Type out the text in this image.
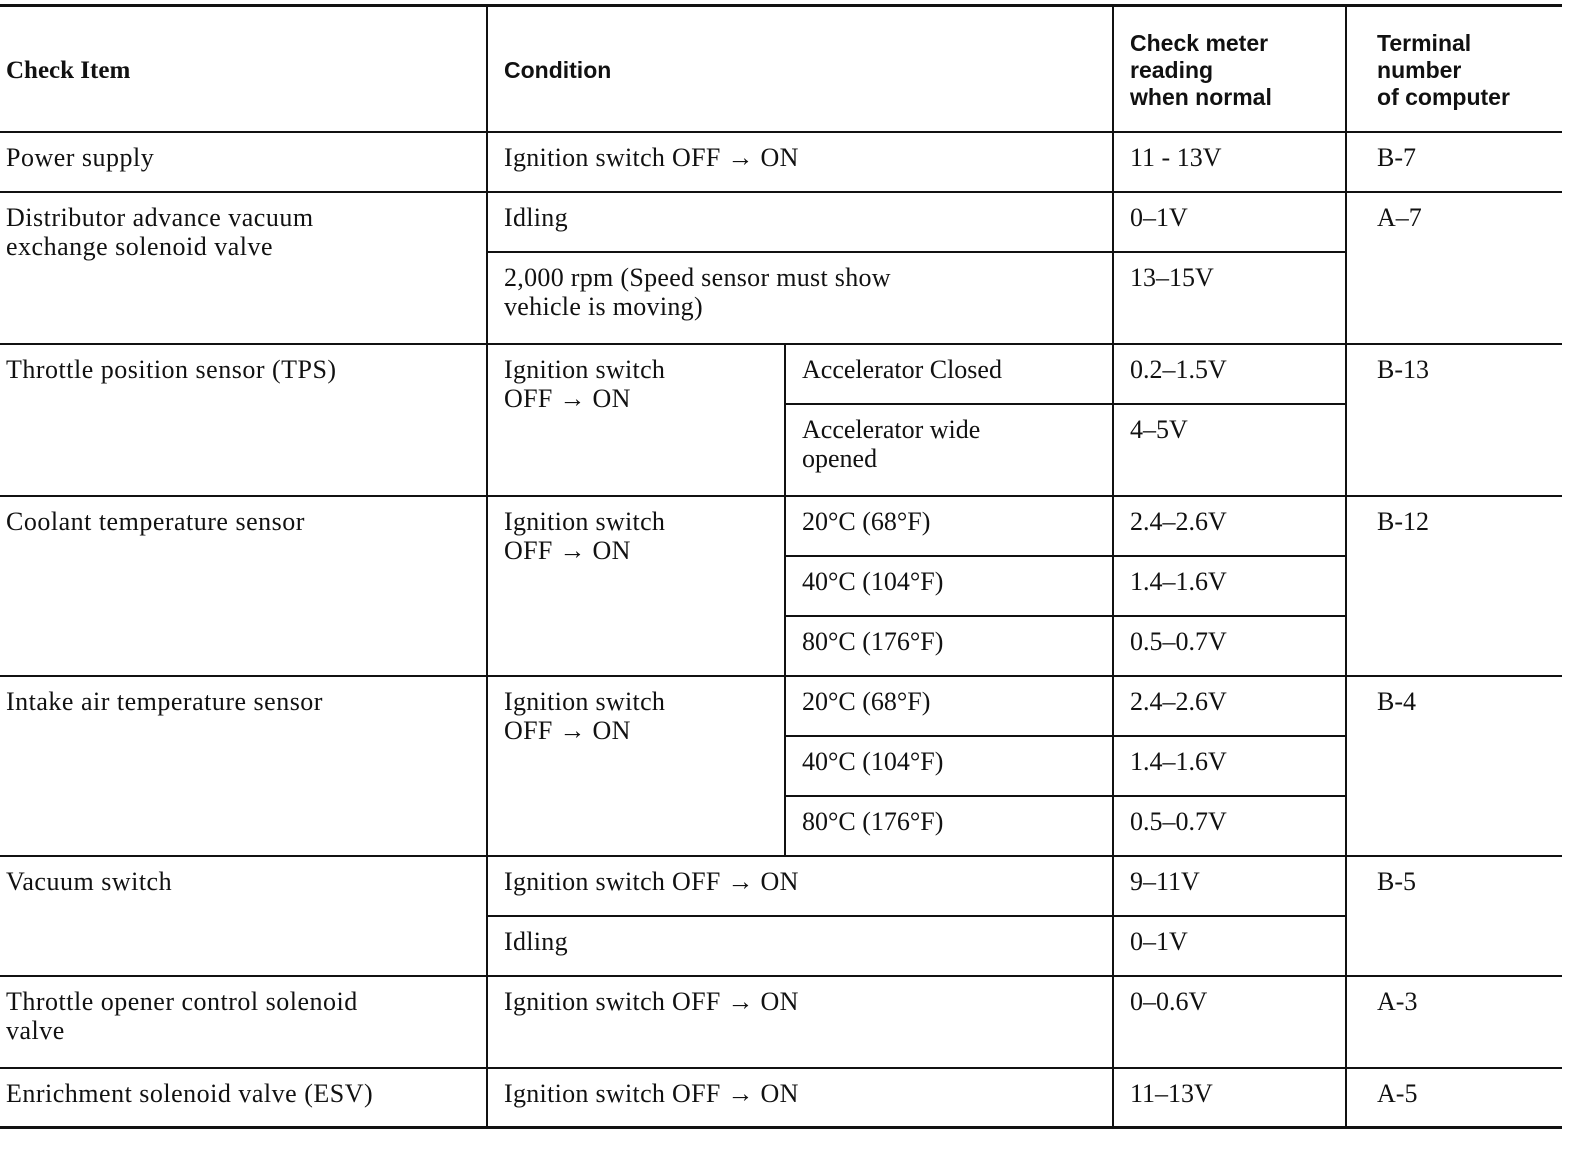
Check Item	Condition		Check meter
reading
when normal	Terminal
number
of computer
Power supply	Ignition switch OFF → ON		11 - 13V	B-7
Distributor advance vacuum
exchange solenoid valve	Idling		0–1V	A–7
	2,000 rpm (Speed sensor must show
vehicle is moving)		13–15V	
Throttle position sensor (TPS)	Ignition switch
OFF → ON	Accelerator Closed	0.2–1.5V	B-13
		Accelerator wide
opened	4–5V	
Coolant temperature sensor	Ignition switch
OFF → ON	20°C (68°F)	2.4–2.6V	B-12
		40°C (104°F)	1.4–1.6V	
		80°C (176°F)	0.5–0.7V	
Intake air temperature sensor	Ignition switch
OFF → ON	20°C (68°F)	2.4–2.6V	B-4
		40°C (104°F)	1.4–1.6V	
		80°C (176°F)	0.5–0.7V	
Vacuum switch	Ignition switch OFF → ON		9–11V	B-5
	Idling		0–1V	
Throttle opener control solenoid
valve	Ignition switch OFF → ON		0–0.6V	A-3
Enrichment solenoid valve (ESV)	Ignition switch OFF → ON		11–13V	A-5
